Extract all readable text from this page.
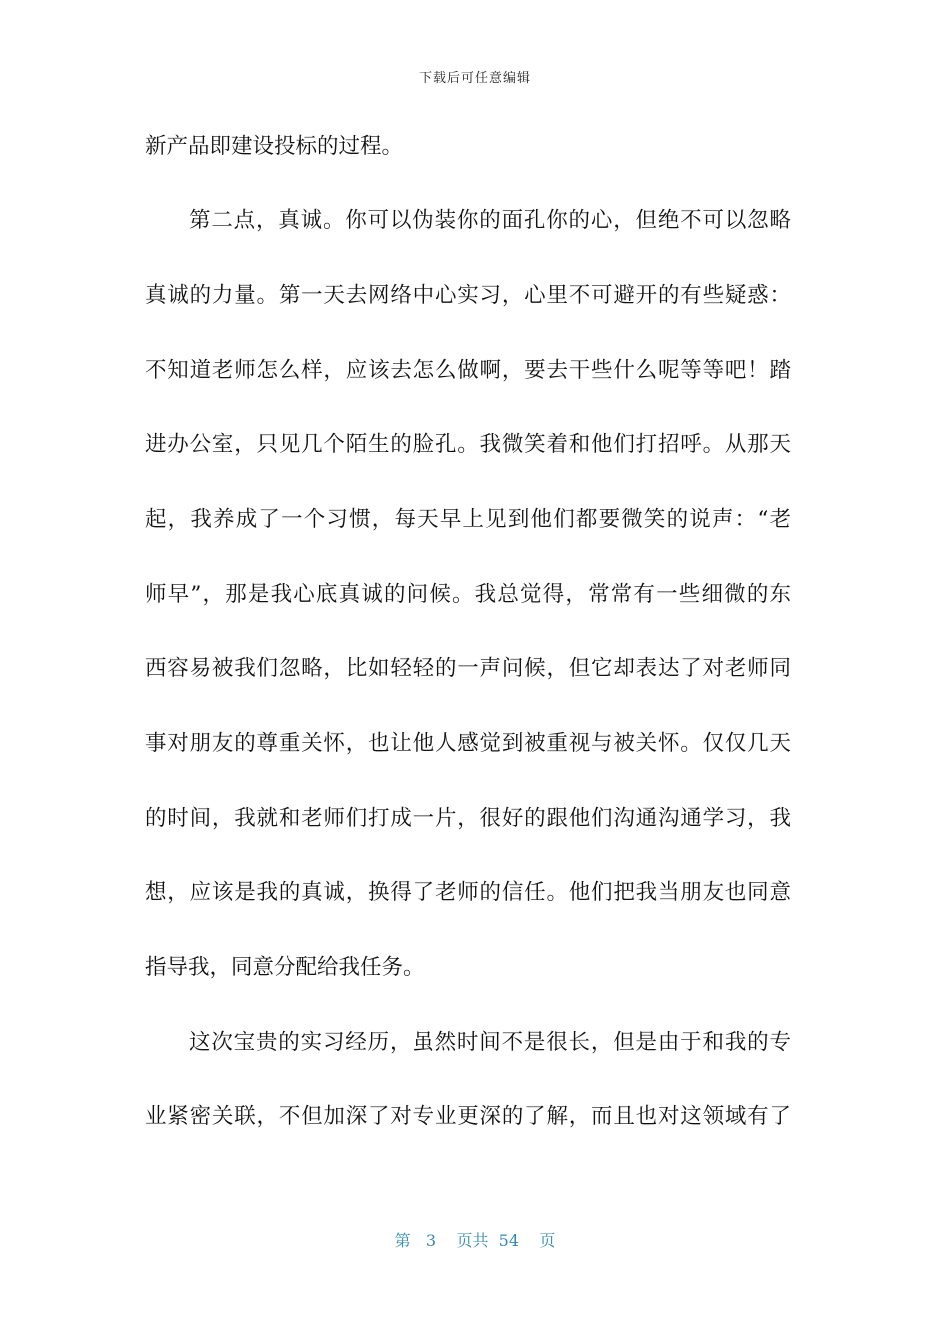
下载后可任意编辑
新产品即建设投标的过程。
第二点，真诚。你可以伪装你的面孔你的心，但绝不可以忽略
真诚的力量。第一天去网络中心实习，心里不可避开的有些疑惑：
不知道老师怎么样，应该去怎么做啊，要去干些什么呢等等吧！踏
进办公室，只见几个陌生的脸孔。我微笑着和他们打招呼。从那天
起，我养成了一个习惯，每天早上见到他们都要微笑的说声：“老
师早”，那是我心底真诚的问候。我总觉得，常常有一些细微的东
西容易被我们忽略，比如轻轻的一声问候，但它却表达了对老师同
事对朋友的尊重关怀，也让他人感觉到被重视与被关怀。仅仅几天
的时间，我就和老师们打成一片，很好的跟他们沟通沟通学习，我
想，应该是我的真诚，换得了老师的信任。他们把我当朋友也同意
指导我，同意分配给我任务。
这次宝贵的实习经历，虽然时间不是很长，但是由于和我的专
业紧密关联，不但加深了对专业更深的了解，而且也对这领域有了
第 3 页共 54 页
